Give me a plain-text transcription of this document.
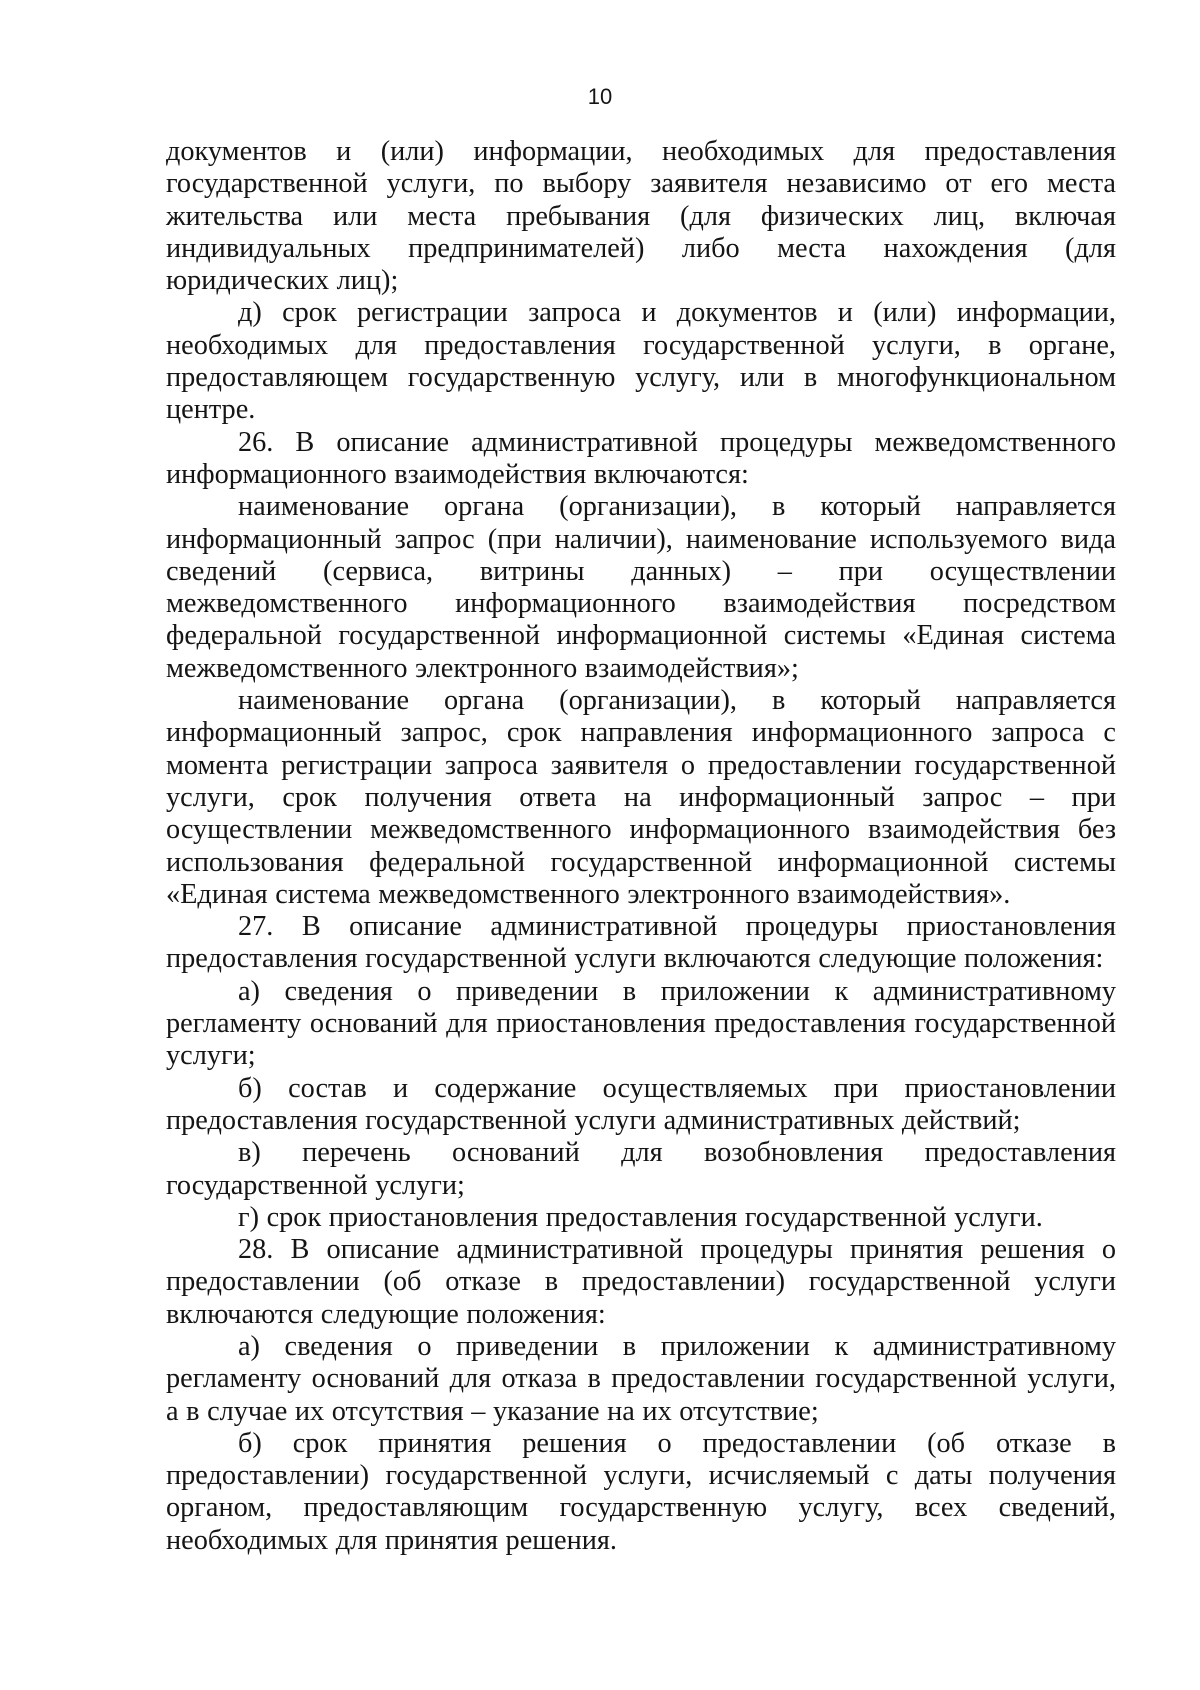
10

документов и (или) информации, необходимых для предоставления государственной услуги, по выбору заявителя независимо от его места жительства или места пребывания (для физических лиц, включая индивидуальных предпринимателей) либо места нахождения (для юридических лиц);

д) срок регистрации запроса и документов и (или) информации, необходимых для предоставления государственной услуги, в органе, предоставляющем государственную услугу, или в многофункциональном центре.

26. В описание административной процедуры межведомственного информационного взаимодействия включаются:

наименование органа (организации), в который направляется информационный запрос (при наличии), наименование используемого вида сведений (сервиса, витрины данных) – при осуществлении межведомственного информационного взаимодействия посредством федеральной государственной информационной системы «Единая система межведомственного электронного взаимодействия»;

наименование органа (организации), в который направляется информационный запрос, срок направления информационного запроса с момента регистрации запроса заявителя о предоставлении государственной услуги, срок получения ответа на информационный запрос – при осуществлении межведомственного информационного взаимодействия без использования федеральной государственной информационной системы «Единая система межведомственного электронного взаимодействия».

27. В описание административной процедуры приостановления предоставления государственной услуги включаются следующие положения:

а) сведения о приведении в приложении к административному регламенту оснований для приостановления предоставления государственной услуги;

б) состав и содержание осуществляемых при приостановлении предоставления государственной услуги административных действий;

в) перечень оснований для возобновления предоставления государственной услуги;

г) срок приостановления предоставления государственной услуги.

28. В описание административной процедуры принятия решения о предоставлении (об отказе в предоставлении) государственной услуги включаются следующие положения:

а) сведения о приведении в приложении к административному регламенту оснований для отказа в предоставлении государственной услуги, а в случае их отсутствия – указание на их отсутствие;

б) срок принятия решения о предоставлении (об отказе в предоставлении) государственной услуги, исчисляемый с даты получения органом, предоставляющим государственную услугу, всех сведений, необходимых для принятия решения.
